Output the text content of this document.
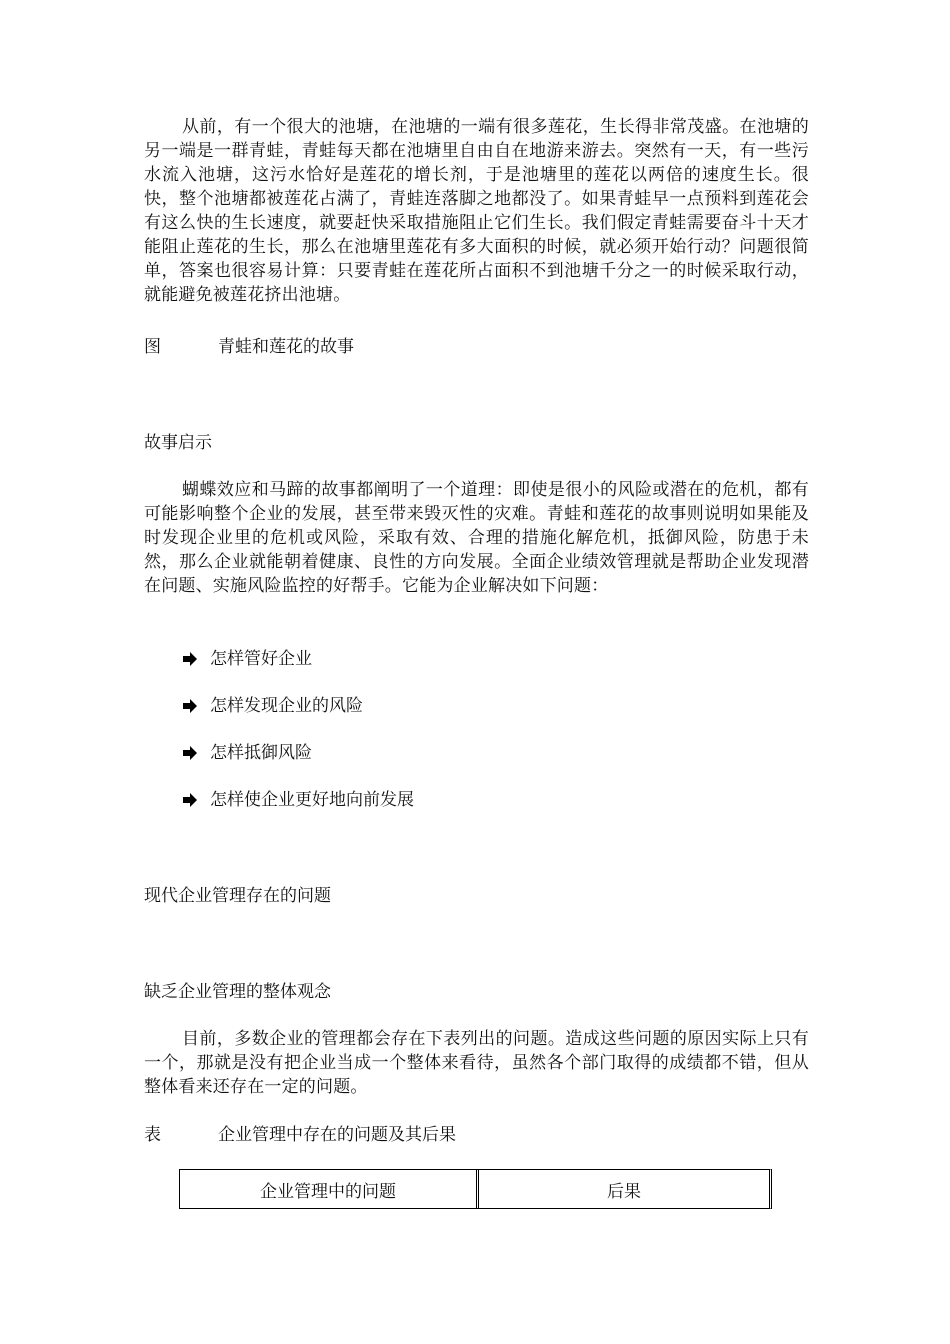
从前，有一个很大的池塘，在池塘的一端有很多莲花，生长得非常茂盛。在池塘的另一端是一群青蛙，青蛙每天都在池塘里自由自在地游来游去。突然有一天，有一些污水流入池塘，这污水恰好是莲花的增长剂，于是池塘里的莲花以两倍的速度生长。很快，整个池塘都被莲花占满了，青蛙连落脚之地都没了。如果青蛙早一点预料到莲花会有这么快的生长速度，就要赶快采取措施阻止它们生长。我们假定青蛙需要奋斗十天才能阻止莲花的生长，那么在池塘里莲花有多大面积的时候，就必须开始行动？问题很简单，答案也很容易计算：只要青蛙在莲花所占面积不到池塘千分之一的时候采取行动，就能避免被莲花挤出池塘。

图	青蛙和莲花的故事

故事启示

蝴蝶效应和马蹄的故事都阐明了一个道理：即使是很小的风险或潜在的危机，都有可能影响整个企业的发展，甚至带来毁灭性的灾难。青蛙和莲花的故事则说明如果能及时发现企业里的危机或风险，采取有效、合理的措施化解危机，抵御风险，防患于未然，那么企业就能朝着健康、良性的方向发展。全面企业绩效管理就是帮助企业发现潜在问题、实施风险监控的好帮手。它能为企业解决如下问题：

怎样管好企业
怎样发现企业的风险
怎样抵御风险
怎样使企业更好地向前发展

现代企业管理存在的问题

缺乏企业管理的整体观念

目前，多数企业的管理都会存在下表列出的问题。造成这些问题的原因实际上只有一个，那就是没有把企业当成一个整体来看待，虽然各个部门取得的成绩都不错，但从整体看来还存在一定的问题。

表	企业管理中存在的问题及其后果

企业管理中的问题	后果
